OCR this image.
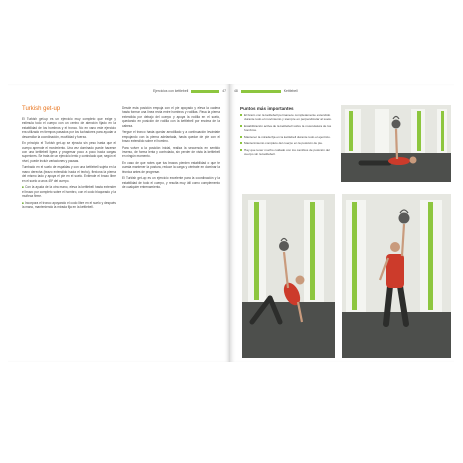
Ejercicios con kettlebell	47
Turkish get-up

El Turkish get-up es un ejercicio muy completo que exige y estimula todo el cuerpo con un centro de atención fijado en la estabilidad de los hombros y el tronco. No en vano este ejercicio era utilizado en tiempos pasados por los luchadores para ayudar a desarrollar la coordinación, movilidad y fuerza.

En principio el Turkish get-up se ejecuta sin peso hasta que el cuerpo aprende el movimiento. Una vez dominado puede hacerse con una kettlebell ligera y progresar poco a poco hacia cargas superiores. Se trata de un ejercicio lento y controlado que, según el nivel, puede incluir variaciones y pausas.

Tumbado en el suelo de espaldas y con una kettlebell sujeta en la mano derecha (brazo extendido hacia el techo), flexiona la pierna del mismo lado y apoya el pie en el suelo. Extiende el brazo libre en el suelo a unos 45º del cuerpo.

■Con la ayuda de la otra mano, eleva la kettlebell hasta extender el brazo por completo sobre el hombro, con el codo bloqueado y la muñeca firme.

■Incorpora el tronco apoyando el codo libre en el suelo y después la mano, manteniendo la mirada fija en la kettlebell.

Desde esta posición empuja con el pie apoyado y eleva la cadera hasta formar una línea recta entre hombros y rodillas. Pasa la pierna extendida por debajo del cuerpo y apoya la rodilla en el suelo, quedando en posición de rodilla con la kettlebell por encima de la cabeza.

Yergue el tronco hasta quedar arrodillado y a continuación levántate empujando con la pierna adelantada, hasta quedar de pie con el brazo extendido sobre el hombro.

Para volver a la posición inicial, realiza la secuencia en sentido inverso, de forma lenta y controlada, sin perder de vista la kettlebell en ningún momento.

En caso de que notes que tus brazos pierden estabilidad o que te cuesta mantener la postura, reduce la carga y céntrate en dominar la técnica antes de progresar.

El Turkish get-up es un ejercicio excelente para la coordinación y la estabilidad de todo el cuerpo, y resulta muy útil como complemento de cualquier entrenamiento.

48	Kettlebell
Puntos más importantes
El brazo con la kettlebell permanece completamente extendido durante todo el movimiento y siempre en perpendicular al suelo.
Estabilización activa de la kettlebell sobre la musculatura de los hombros.
Mantener la mirada fija en la kettlebell durante todo el ejercicio.
Mantenimiento completo del cuerpo en la posición de pie.
Hay que tener mucho cuidado con los cambios de posición del cuerpo sin la kettlebell.
